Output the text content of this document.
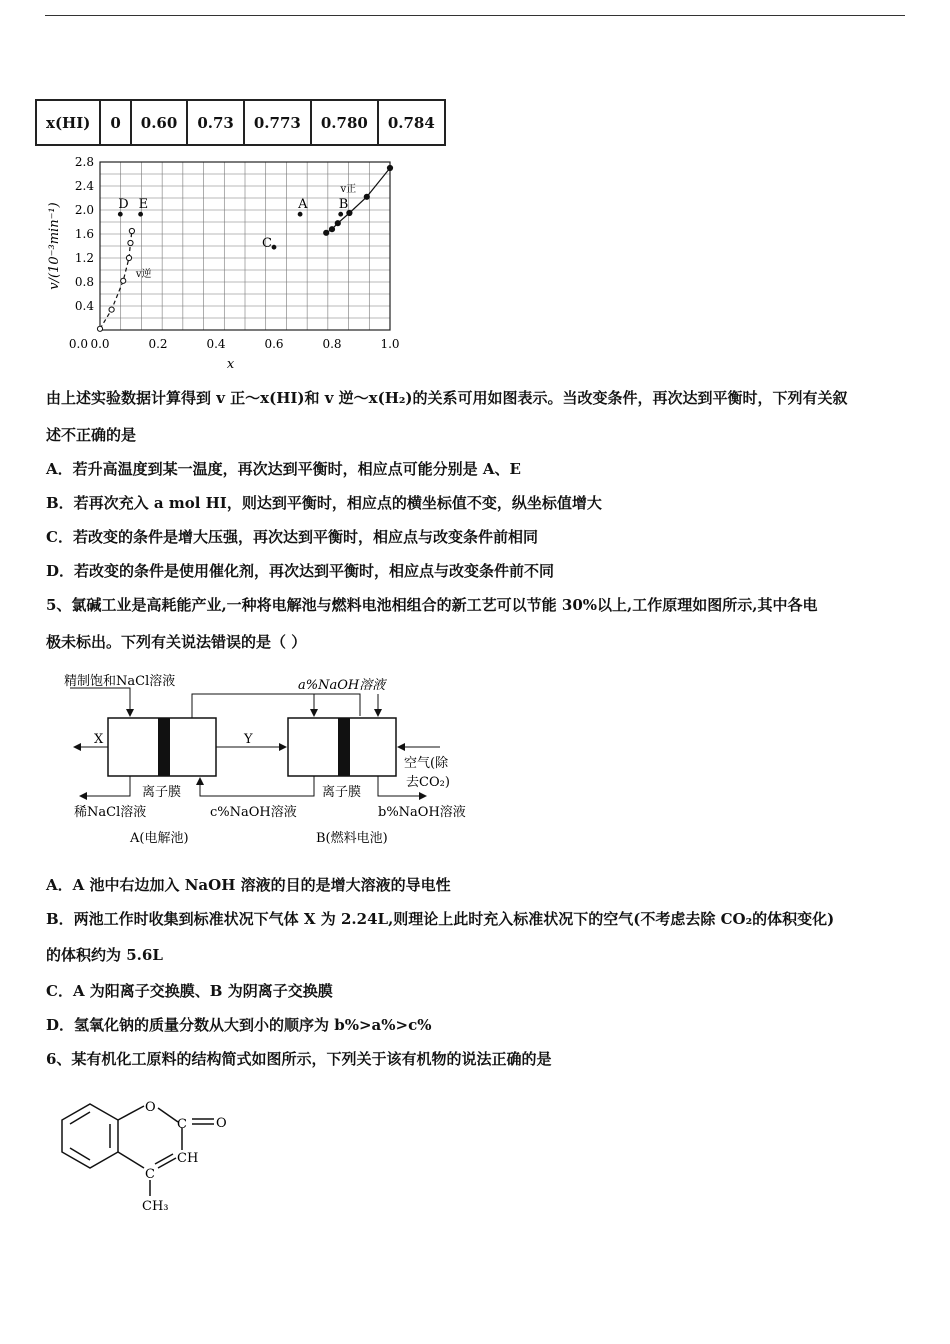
x(HI)	0	0.60	0.73	0.773	0.780	0.784
0.0	0.2	0.4	0.6	0.8	1.0
0.0
0.4
0.8
1.2
1.6
2.0
2.4
2.8
x
v/(10⁻³min⁻¹)	v逆
v正
D E	A B
C
由上述实验数据计算得到 v 正～x(HI)和 v 逆～x(H₂)的关系可用如图表示。当改变条件，再次达到平衡时，下列有关叙
述不正确的是
A．若升高温度到某一温度，再次达到平衡时，相应点可能分别是 A、E
B．若再次充入 a mol HI，则达到平衡时，相应点的横坐标值不变，纵坐标值增大
C．若改变的条件是增大压强，再次达到平衡时，相应点与改变条件前相同
D．若改变的条件是使用催化剂，再次达到平衡时，相应点与改变条件前不同
5、氯碱工业是高耗能产业,一种将电解池与燃料电池相组合的新工艺可以节能 30%以上,工作原理如图所示,其中各电
极未标出。下列有关说法错误的是（ ）
精制饱和NaCl溶液	a%NaOH溶液
X	Y
空气(除
去CO₂)
离子膜	离子膜
稀NaCl溶液	c%NaOH溶液	b%NaOH溶液
A(电解池)	B(燃料电池)
A．A 池中右边加入 NaOH 溶液的目的是增大溶液的导电性
B．两池工作时收集到标准状况下气体 X 为 2.24L,则理论上此时充入标准状况下的空气(不考虑去除 CO₂的体积变化)
的体积约为 5.6L
C．A 为阳离子交换膜、B 为阴离子交换膜
D．氢氧化钠的质量分数从大到小的顺序为 b%>a%>c%
6、某有机化工原料的结构简式如图所示，下列关于该有机物的说法正确的是
O
C O
CH
C
CH₃
